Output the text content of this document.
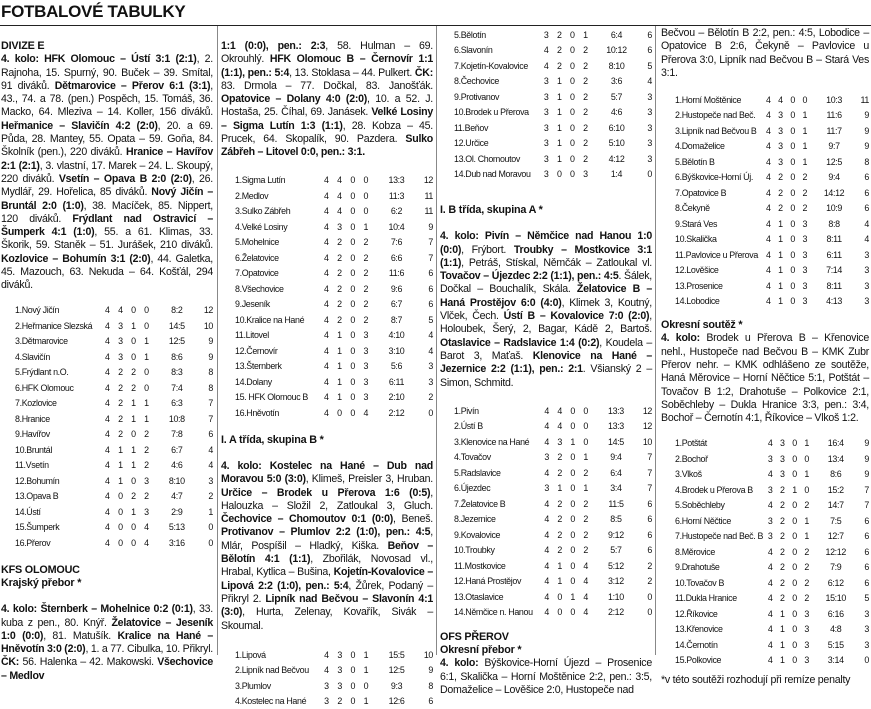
FOTBALOVÉ TABULKY
DIVIZE E

4. kolo: HFK Olomouc – Ústí 3:1 (2:1), 2. Rajnoha, 15. Spurný, 90. Buček – 39. Smítal, 91 diváků. Dětmarovice – Přerov 6:1 (3:1), 43., 74. a 78. (pen.) Pospěch, 15. Tomáš, 36. Macko, 64. Mleziva – 14. Koller, 156 diváků. Heřmanice – Slavičín 4:2 (2:0), 20. a 69. Půda, 28. Mantey, 55. Opata – 59. Goňa, 84. Školník (pen.), 220 diváků. Hranice – Havířov 2:1 (2:1), 3. vlastní, 17. Marek – 24. L. Skoupý, 220 diváků. Vsetín – Opava B 2:0 (2:0), 26. Mydlář, 29. Hořelica, 85 diváků. Nový Jičín – Bruntál 2:0 (1:0), 38. Macíček, 85. Nippert, 120 diváků. Frýdlant nad Ostravicí – Šumperk 4:1 (1:0), 55. a 61. Klimas, 33. Škorik, 59. Staněk – 51. Jurášek, 210 diváků. Kozlovice – Bohumín 3:1 (2:0), 44. Galetka, 45. Mazouch, 63. Nekuda – 64. Košťál, 294 diváků.

1.Nový Jičín	4	4	0	0	8:2	12
2.Heřmanice Slezská	4	3	1	0	14:5	10
3.Dětmarovice	4	3	0	1	12:5	9
4.Slavičín	4	3	0	1	8:6	9
5.Frýdlant n.O.	4	2	2	0	8:3	8
6.HFK Olomouc	4	2	2	0	7:4	8
7.Kozlovice	4	2	1	1	6:3	7
8.Hranice	4	2	1	1	10:8	7
9.Havířov	4	2	0	2	7:8	6
10.Bruntál	4	1	1	2	6:7	4
11.Vsetín	4	1	1	2	4:6	4
12.Bohumín	4	1	0	3	8:10	3
13.Opava B	4	0	2	2	4:7	2
14.Ústí	4	0	1	3	2:9	1
15.Šumperk	4	0	0	4	5:13	0
16.Přerov	4	0	0	4	3:16	0
KFS OLOMOUC
Krajský přebor *

4. kolo: Šternberk – Mohelnice 0:2 (0:1), 33. kuba z pen., 80. Knýř. Želatovice – Jeseník 1:0 (0:0), 81. Matušík. Kralice na Hané – Hněvotín 3:0 (2:0), 1. a 77. Cibulka, 10. Přikryl. ČK: 56. Halenka – 42. Makowski. Všechovice – Medlov

1:1 (0:0), pen.: 2:3, 58. Hulman – 69. Okrouhlý. HFK Olomouc B – Černovír 1:1 (1:1), pen.: 5:4, 13. Stoklasa – 44. Pulkert. ČK: 83. Drmola – 77. Dočkal, 83. Janošťák. Opatovice – Dolany 4:0 (2:0), 10. a 52. J. Hostaša, 25. Číhal, 69. Janásek. Velké Losiny – Sigma Lutín 1:3 (1:1), 28. Kobza – 45. Prucek, 64. Skopalík, 90. Pazdera. Sulko Zábřeh – Litovel 0:0, pen.: 3:1.

1.Sigma Lutín	4	4	0	0	13:3	12
2.Medlov	4	4	0	0	11:3	11
3.Sulko Zábřeh	4	4	0	0	6:2	11
4.Velké Losiny	4	3	0	1	10:4	9
5.Mohelnice	4	2	0	2	7:6	7
6.Želatovice	4	2	0	2	6:6	7
7.Opatovice	4	2	0	2	11:6	6
8.Všechovice	4	2	0	2	9:6	6
9.Jeseník	4	2	0	2	6:7	6
10.Kralice na Hané	4	2	0	2	8:7	5
11.Litovel	4	1	0	3	4:10	4
12.Černovír	4	1	0	3	3:10	4
13.Šternberk	4	1	0	3	5:6	3
14.Dolany	4	1	0	3	6:11	3
15. HFK Olomouc B	4	1	0	3	2:10	2
16.Hněvotín	4	0	0	4	2:12	0
I. A třída, skupina B *

4. kolo: Kostelec na Hané – Dub nad Moravou 5:0 (3:0), Klimeš, Preisler 3, Hruban. Určice – Brodek u Přerova 1:6 (0:5), Halouzka – Složil 2, Zatloukal 3, Gluch. Čechovice – Chomoutov 0:1 (0:0), Beneš. Protivanov – Plumlov 2:2 (1:0), pen.: 4:5, Mlár, Pospíšil – Hladký, Kiška. Beňov – Bělotín 4:1 (1:1), Zbořilák, Novosad vl., Hrabal, Kytlica – Bušina, Kojetín-Kovalovice – Lipová 2:2 (1:0), pen.: 5:4, Žůrek, Podaný – Přikryl 2. Lipník nad Bečvou – Slavonín 4:1 (3:0), Hurta, Zelenay, Kovařík, Sivák – Skoumal.

1.Lipová	4	3	0	1	15:5	10
2.Lipník nad Bečvou	4	3	0	1	12:5	9
3.Plumlov	3	3	0	0	9:3	8
4.Kostelec na Hané	3	2	0	1	12:6	6
5.Bělotín	3	2	0	1	6:4	6
6.Slavonín	4	2	0	2	10:12	6
7.Kojetín-Kovalovice	4	2	0	2	8:10	5
8.Čechovice	3	1	0	2	3:6	4
9.Protivanov	3	1	0	2	5:7	3
10.Brodek u Přerova	3	1	0	2	4:6	3
11.Beňov	3	1	0	2	6:10	3
12.Určice	3	1	0	2	5:10	3
13.Ol. Chomoutov	3	1	0	2	4:12	3
14.Dub nad Moravou	3	0	0	3	1:4	0
I. B třída, skupina A *

4. kolo: Pivín – Němčice nad Hanou 1:0 (0:0), Frýbort. Troubky – Mostkovice 3:1 (1:1), Petráš, Stískal, Němčák – Zatloukal vl. Tovačov – Újezdec 2:2 (1:1), pen.: 4:5. Šálek, Dočkal – Bouchalík, Skála. Želatovice B – Haná Prostějov 6:0 (4:0), Klimek 3, Koutný, Vlček, Čech. Ústí B – Kovalovice 7:0 (2:0), Holoubek, Šerý, 2, Bagar, Kádě 2, Bartoš. Otaslavice – Radslavice 1:4 (0:2), Koudela – Barot 3, Maťaš. Klenovice na Hané – Jezernice 2:2 (1:1), pen.: 2:1. Všianský 2 – Simon, Schmitd.

1.Pivín	4	4	0	0	13:3	12
2.Ústí B	4	4	0	0	13:3	12
3.Klenovice na Hané	4	3	1	0	14:5	10
4.Tovačov	3	2	0	1	9:4	7
5.Radslavice	4	2	0	2	6:4	7
6.Újezdec	3	1	0	1	3:4	7
7.Želatovice B	4	2	0	2	11:5	6
8.Jezernice	4	2	0	2	8:5	6
9.Kovalovice	4	2	0	2	9:12	6
10.Troubky	4	2	0	2	5:7	6
11.Mostkovice	4	1	0	4	5:12	2
12.Haná Prostějov	4	1	0	4	3:12	2
13.Otaslavice	4	0	1	4	1:10	0
14.Němčice n. Hanou	4	0	0	4	2:12	0
OFS PŘEROV
Okresní přebor *

4. kolo: Býškovice-Horní Újezd – Prosenice 6:1, Skalička – Horní Moštěnice 2:2, pen.: 3:5, Domaželice – Lověšice 2:0, Hustopeče nad

Bečvou – Bělotín B 2:2, pen.: 4:5, Lobodice – Opatovice B 2:6, Čekyně – Pavlovice u Přerova 3:0, Lipník nad Bečvou B – Stará Ves 3:1.

1.Horní Moštěnice	4	4	0	0	10:3	11
2.Hustopeče nad Beč.	4	3	0	1	11:6	9
3.Lipník nad Bečvou B	4	3	0	1	11:7	9
4.Domaželice	4	3	0	1	9:7	9
5.Bělotín B	4	3	0	1	12:5	8
6.Býškovice-Horní Új.	4	2	0	2	9:4	6
7.Opatovice B	4	2	0	2	14:12	6
8.Čekyně	4	2	0	2	10:9	6
9.Stará Ves	4	1	0	3	8:8	4
10.Skalička	4	1	0	3	8:11	4
11.Pavlovice u Přerova	4	1	0	3	6:11	3
12.Lověšice	4	1	0	3	7:14	3
13.Prosenice	4	1	0	3	8:11	3
14.Lobodice	4	1	0	3	4:13	3
Okresní soutěž *

4. kolo: Brodek u Přerova B – Křenovice nehl., Hustopeče nad Bečvou B – KMK Zubr Přerov nehr. – KMK odhlášeno ze soutěže, Haná Měrovice – Horní Něčtice 5:1, Potštát – Tovačov B 1:2, Drahotuše – Polkovice 2:1, Soběchleby – Dukla Hranice 3:3, pen.: 3:4, Bochoř – Černotín 4:1, Říkovice – Vlkoš 1:2.

1.Potštát	4	3	0	1	16:4	9
2.Bochoř	3	3	0	0	13:4	9
3.Vlkoš	4	3	0	1	8:6	9
4.Brodek u Přerova B	3	2	1	0	15:2	7
5.Soběchleby	4	2	0	2	14:7	7
6.Horní Něčtice	3	2	0	1	7:5	6
7.Hustopeče nad Beč. B	3	2	0	1	12:7	6
8.Měrovice	4	2	0	2	12:12	6
9.Drahotuše	4	2	0	2	7:9	6
10.Tovačov B	4	2	0	2	6:12	6
11.Dukla Hranice	4	2	0	2	15:10	5
12.Říkovice	4	1	0	3	6:16	3
13.Křenovice	4	1	0	3	4:8	3
14.Černotín	4	1	0	3	5:15	3
15.Polkovice	4	1	0	3	3:14	0
*v této soutěži rozhodují při remíze penalty
